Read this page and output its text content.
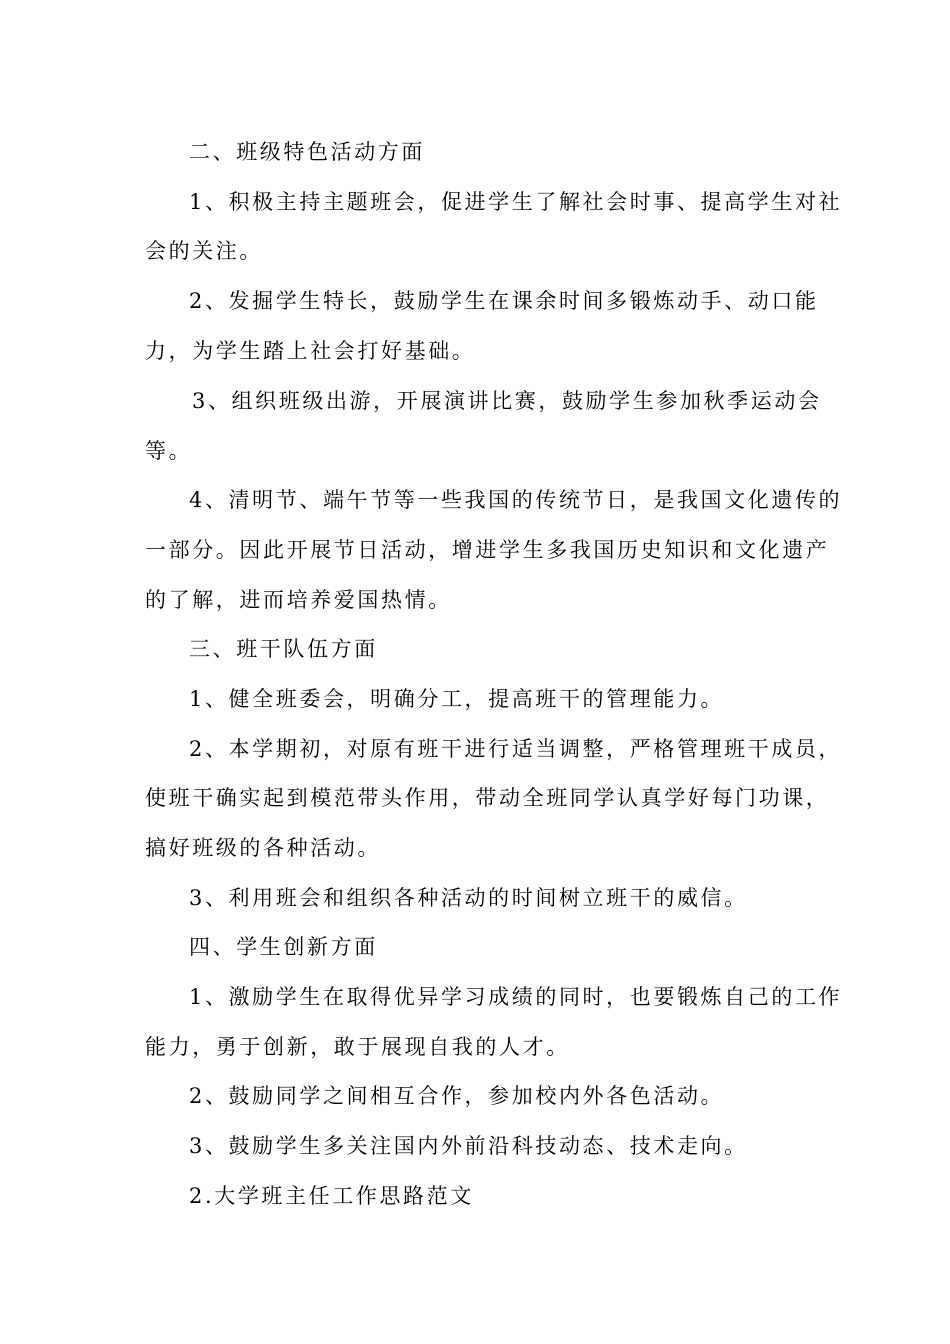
二、班级特色活动方面

1、积极主持主题班会，促进学生了解社会时事、提高学生对社

会的关注。

2、发掘学生特长，鼓励学生在课余时间多锻炼动手、动口能

力，为学生踏上社会打好基础。

3、组织班级出游，开展演讲比赛，鼓励学生参加秋季运动会

等。

4、清明节、端午节等一些我国的传统节日，是我国文化遗传的

一部分。因此开展节日活动，增进学生多我国历史知识和文化遗产

的了解，进而培养爱国热情。

三、班干队伍方面

1、健全班委会，明确分工，提高班干的管理能力。

2、本学期初，对原有班干进行适当调整，严格管理班干成员，

使班干确实起到模范带头作用，带动全班同学认真学好每门功课，

搞好班级的各种活动。

3、利用班会和组织各种活动的时间树立班干的威信。

四、学生创新方面

1、激励学生在取得优异学习成绩的同时，也要锻炼自己的工作

能力，勇于创新，敢于展现自我的人才。

2、鼓励同学之间相互合作，参加校内外各色活动。

3、鼓励学生多关注国内外前沿科技动态、技术走向。

2.大学班主任工作思路范文
